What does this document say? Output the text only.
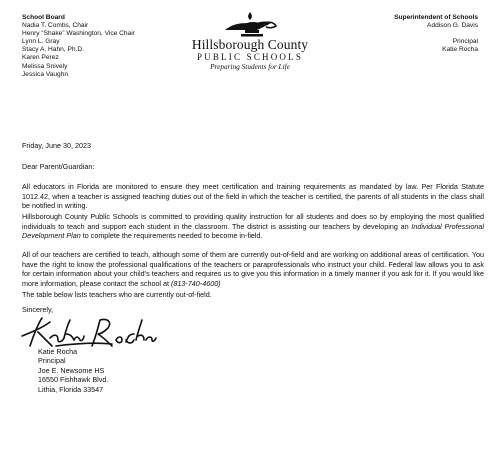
School Board
Nadia T. Combs, Chair
Henry “Shake” Washington, Vice Chair
Lynn L. Gray
Stacy A. Hahn, Ph.D.
Karen Perez
Melissa Snively
Jessica Vaughn
Hillsborough County
PUBLIC SCHOOLS
Preparing Students for Life
Superintendent of Schools
Addison G. Davis
Principal
Katie Rocha
Friday, June 30, 2023
Dear Parent/Guardian:
All educators in Florida are monitored to ensure they meet certification and training requirements as mandated by law. Per Florida Statute 1012.42, when a teacher is assigned teaching duties out of the field in which the teacher is certified, the parents of all students in the class shall be notified in writing.
Hillsborough County Public Schools is committed to providing quality instruction for all students and does so by employing the most qualified individuals to teach and support each student in the classroom. The district is assisting our teachers by developing an Individual Professional Development Plan to complete the requirements needed to become in-field.
All of our teachers are certified to teach, although some of them are currently out-of-field and are working on additional areas of certification. You have the right to know the professional qualifications of the teachers or paraprofessionals who instruct your child. Federal law allows you to ask for certain information about your child’s teachers and requires us to give you this information in a timely manner if you ask for it. If you would like more information, please contact the school at (813-740-4600)
The table below lists teachers who are currently out-of-field.
Sincerely,
Katie Rocha
Principal
Joe E. Newsome HS
16550 Fishhawk Blvd.
Lithia, Florida 33547
